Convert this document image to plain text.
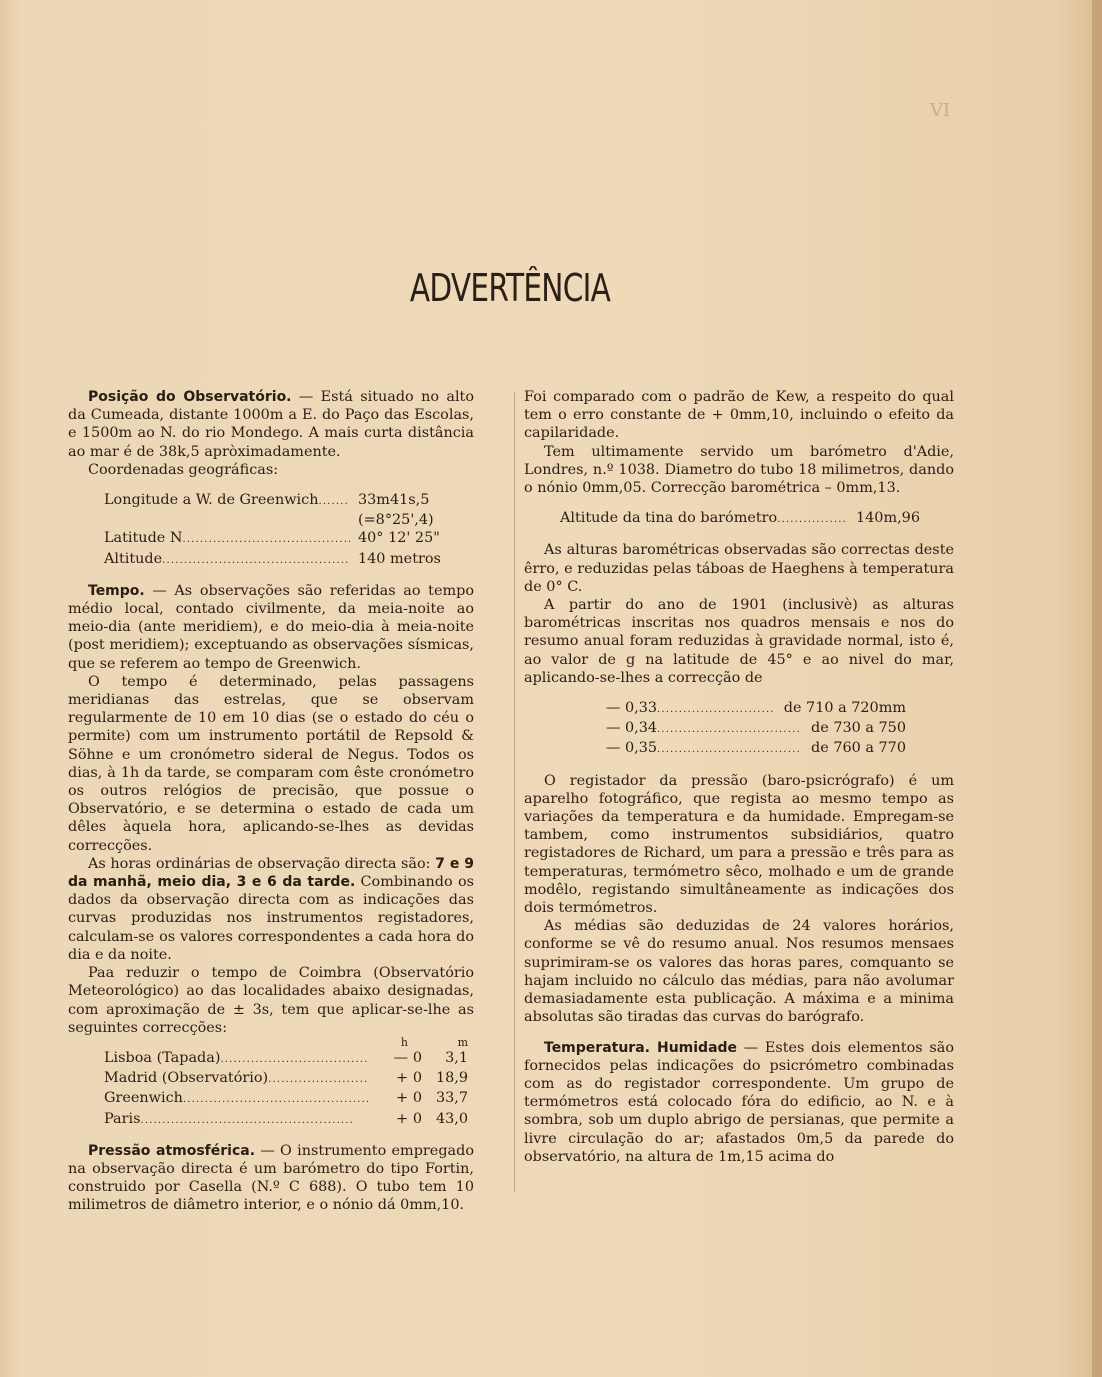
VI
ADVERTÊNCIA

Posição do Observatório. — Está situado no alto da Cumeada, distante 1000m a E. do Paço das Escolas, e 1500m ao N. do rio Mondego. A mais curta distância ao mar é de 38k,5 apròximadamente.

Coordenadas geográficas:

Longitude a W. de Greenwich . . .	33m41s,5
(=8°25',4)
Latitude N . . .	40° 12' 25"
Altitude . . .	140 metros

Tempo. — As observações são referidas ao tempo médio local, contado civilmente, da meia-noite ao meio-dia (ante meridiem), e do meio-dia à meia-noite (post meridiem); exceptuando as observações sísmicas, que se referem ao tempo de Greenwich.

O tempo é determinado, pelas passagens meridianas das estrelas, que se observam regularmente de 10 em 10 dias (se o estado do céu o permite) com um instrumento portátil de Repsold & Söhne e um cronómetro sideral de Negus. Todos os dias, à 1h da tarde, se comparam com êste cronómetro os outros relógios de precisão, que possue o Observatório, e se determina o estado de cada um dêles àquela hora, aplicando-se-lhes as devidas correcções.

As horas ordinárias de observação directa são: 7 e 9 da manhã, meio dia, 3 e 6 da tarde. Combinando os dados da observação directa com as indicações das curvas produzidas nos instrumentos registadores, calculam-se os valores correspondentes a cada hora do dia e da noite.

Paa reduzir o tempo de Coimbra (Observatório Meteorológico) ao das localidades abaixo designadas, com aproximação de ± 3s, tem que aplicar-se-lhe as seguintes correcções:

h	m
Lisboa (Tapada) . . .	— 0	3,1
Madrid (Observatório) . . .	+ 0 18,9
Greenwich . . .	+ 0 33,7
Paris . . .	+ 0 43,0

Pressão atmosférica. — O instrumento empregado na observação directa é um barómetro do tipo Fortin, construido por Casella (N.º C 688). O tubo tem 10 milimetros de diâmetro interior, e o nónio dá 0mm,10.

Foi comparado com o padrão de Kew, a respeito do qual tem o erro constante de + 0mm,10, incluindo o efeito da capilaridade.

Tem ultimamente servido um barómetro d'Adie, Londres, n.º 1038. Diametro do tubo 18 milimetros, dando o nónio 0mm,05. Correcção barométrica – 0mm,13.

Altitude da tina do barómetro . . .	140m,96

As alturas barométricas observadas são correctas deste êrro, e reduzidas pelas táboas de Haeghens à temperatura de 0° C.

A partir do ano de 1901 (inclusivè) as alturas barométricas inscritas nos quadros mensais e nos do resumo anual foram reduzidas à gravidade normal, isto é, ao valor de g na latitude de 45° e ao nivel do mar, aplicando-se-lhes a correcção de

— 0,33 . . .	de 710 a 720mm
— 0,34 . . .	de 730 a 750
— 0,35 . . .	de 760 a 770

O registador da pressão (baro-psicrógrafo) é um aparelho fotográfico, que regista ao mesmo tempo as variações da temperatura e da humidade. Empregam-se tambem, como instrumentos subsidiários, quatro registadores de Richard, um para a pressão e três para as temperaturas, termómetro sêco, molhado e um de grande modêlo, registando simultâneamente as indicações dos dois termómetros.

As médias são deduzidas de 24 valores horários, conforme se vê do resumo anual. Nos resumos mensaes suprimiram-se os valores das horas pares, comquanto se hajam incluido no cálculo das médias, para não avolumar demasiadamente esta publicação. A máxima e a minima absolutas são tiradas das curvas do barógrafo.

Temperatura. Humidade — Estes dois elementos são fornecidos pelas indicações do psicrómetro combinadas com as do registador correspondente. Um grupo de termómetros está colocado fóra do edificio, ao N. e à sombra, sob um duplo abrigo de persianas, que permite a livre circulação do ar; afastados 0m,5 da parede do observatório, na altura de 1m,15 acima do
